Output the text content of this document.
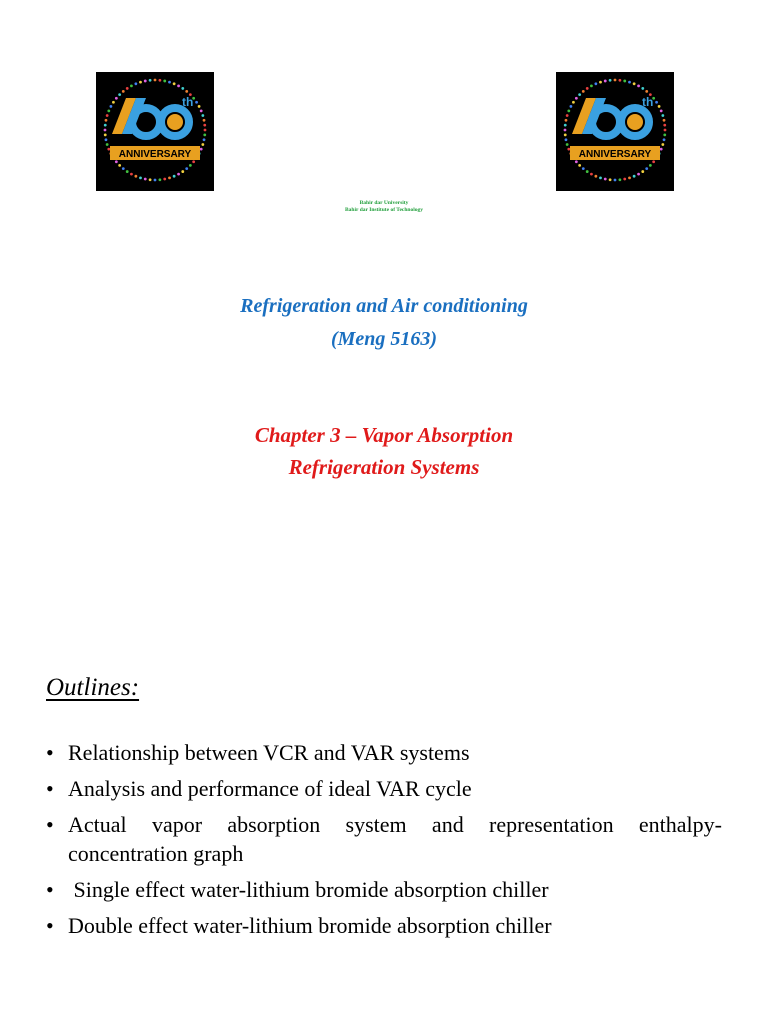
th
ANNIVERSARY
th
ANNIVERSARY
Bahir dar University
Bahir dar Institute of Technology
Refrigeration and Air conditioning
(Meng 5163)
Chapter 3 – Vapor Absorption
Refrigeration Systems
Outlines:
• Relationship between VCR and VAR systems
• Analysis and performance of ideal VAR cycle
• Actual vapor absorption system and representation enthalpy-concentration graph
• Single effect water-lithium bromide absorption chiller
• Double effect water-lithium bromide absorption chiller
